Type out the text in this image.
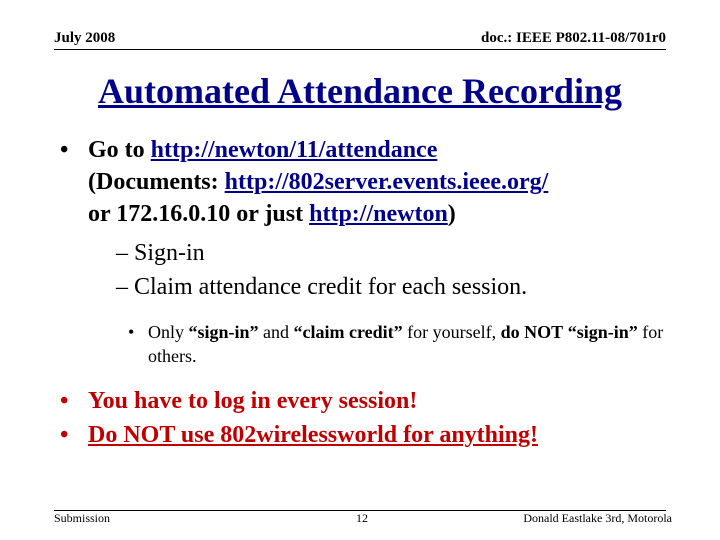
July 2008	doc.: IEEE P802.11-08/701r0
Automated Attendance Recording
• Go to http://newton/11/attendance
(Documents: http://802server.events.ieee.org/
or 172.16.0.10 or just http://newton)
– Sign-in
– Claim attendance credit for each session.
• Only “sign-in” and “claim credit” for yourself, do NOT “sign-in” for others.
• You have to log in every session!
• Do NOT use 802wirelessworld for anything!
Submission	12	Donald Eastlake 3rd, Motorola
